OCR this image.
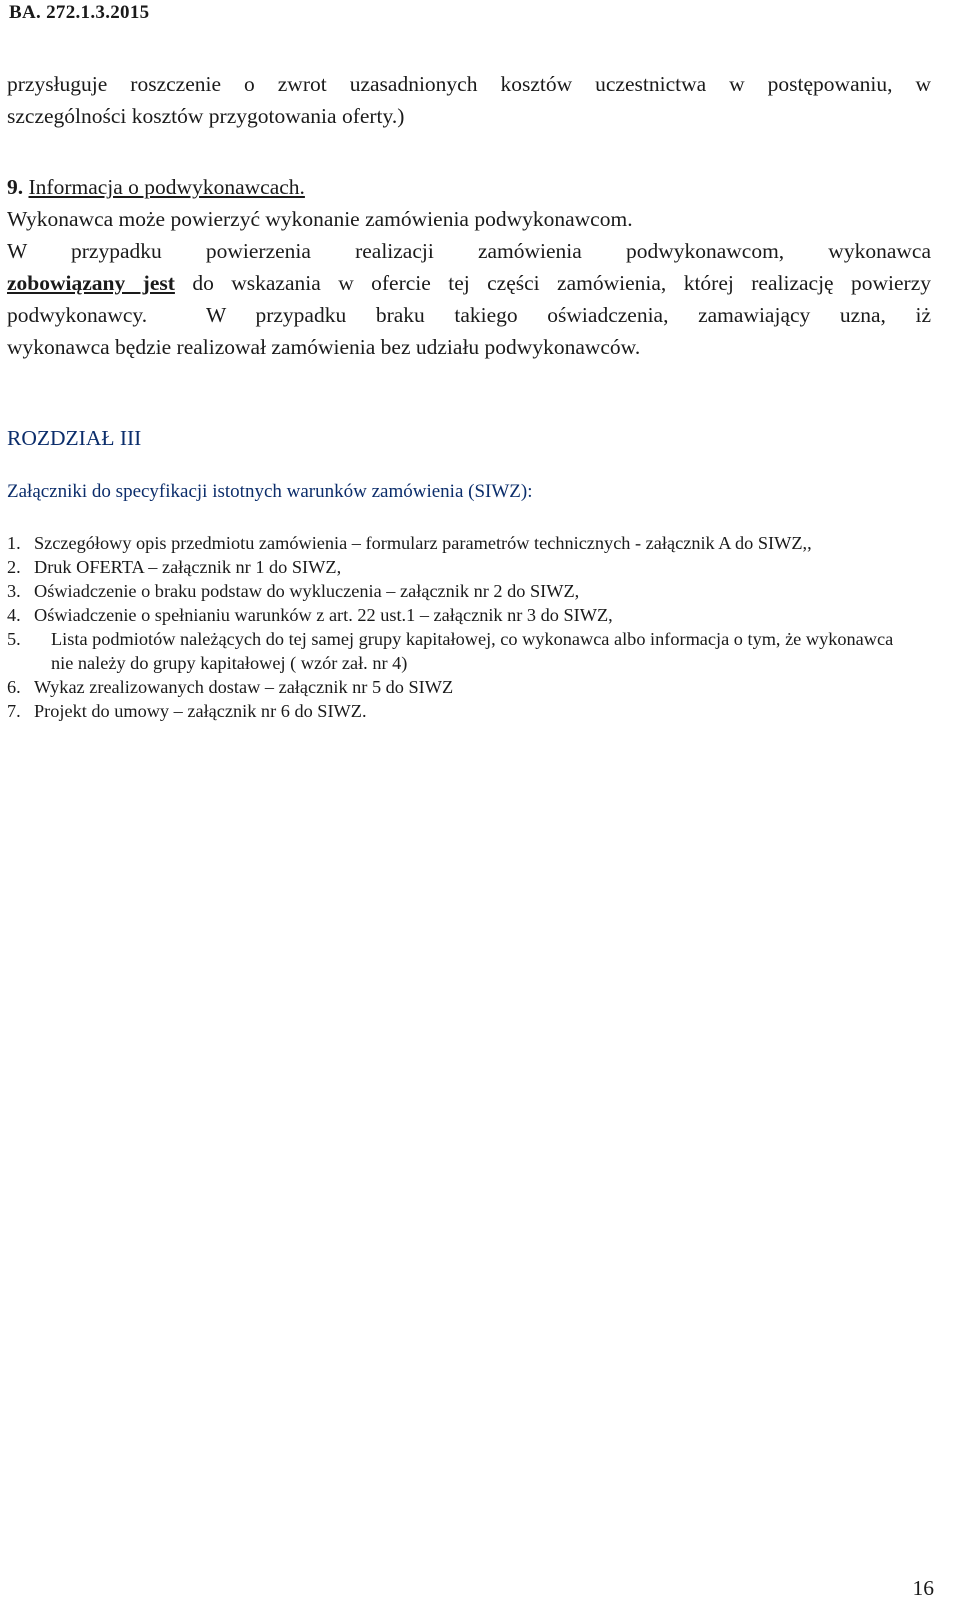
BA. 272.1.3.2015
przysługuje roszczenie o zwrot uzasadnionych kosztów uczestnictwa w postępowaniu, w
szczególności kosztów przygotowania oferty.)
9. Informacja o podwykonawcach.
Wykonawca może powierzyć wykonanie zamówienia podwykonawcom.
W przypadku powierzenia realizacji zamówienia podwykonawcom, wykonawca
zobowiązany jest do wskazania w ofercie tej części zamówienia, której realizację powierzy
podwykonawcy.  W przypadku braku takiego oświadczenia, zamawiający uzna, iż
wykonawca będzie realizował zamówienia bez udziału podwykonawców.
ROZDZIAŁ III
Załączniki do specyfikacji istotnych warunków zamówienia (SIWZ):
1. Szczegółowy opis przedmiotu zamówienia – formularz parametrów technicznych - załącznik A do SIWZ,,
2. Druk OFERTA – załącznik nr 1 do SIWZ,
3. Oświadczenie o braku podstaw do wykluczenia – załącznik nr 2 do SIWZ,
4. Oświadczenie o spełnianiu warunków z art. 22 ust.1 – załącznik nr 3 do SIWZ,
5.	Lista podmiotów należących do tej samej grupy kapitałowej, co wykonawca albo informacja o tym, że wykonawca nie należy do grupy kapitałowej ( wzór zał. nr 4)
6. Wykaz zrealizowanych dostaw – załącznik nr 5 do SIWZ
7. Projekt do umowy – załącznik nr 6 do SIWZ.
16
